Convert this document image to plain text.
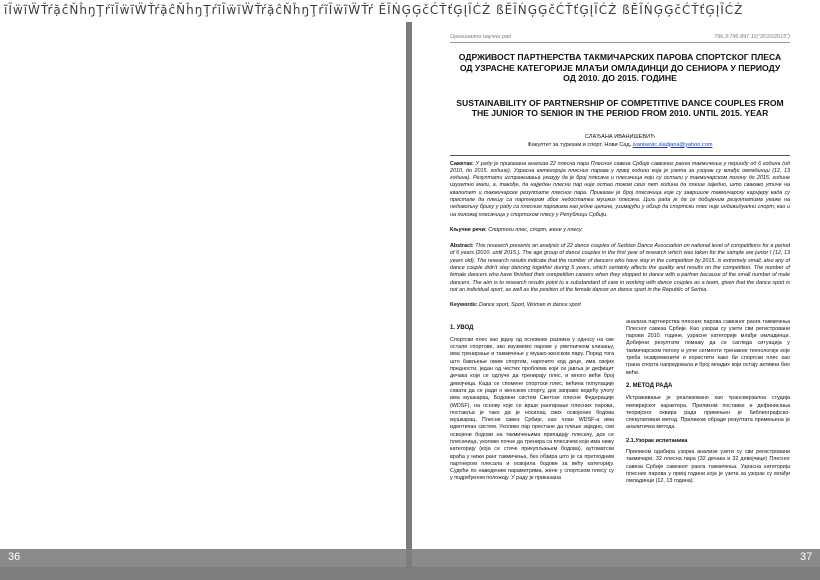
ĩĨẅĩẄŤŕặĉŇĥŋŢŕĩĨẅĩẄŤŕặĉŇĥŋŢŕĩĨẅĩẄŤŕặĉŇĥŋŢŕĩĨẅĩẄŤŕ ĔĨŃĢĢčĆŤťĢĮĨĆŹ ßĔĨŃĢĢčĆŤťĢĮĨĆŹ ßĔĨŃĢĢčĆŤťĢĮĨĆŹ
36	37
Оригинални научни рад	796.3:796.897.11("2010/2015")
ОДРЖИВОСТ ПАРТНЕРСТВА ТАКМИЧАРСКИХ ПАРОВА СПОРТСКОГ ПЛЕСА ОД УЗРАСНЕ КАТЕГОРИЈЕ МЛАЂИ ОМЛАДИНЦИ ДО СЕНИОРА У ПЕРИОДУ ОД 2010. ДО 2015. ГОДИНЕ
SUSTAINABILITY OF PARTNERSHIP OF COMPETITIVE DANCE COUPLES FROM THE JUNIOR TO SENIOR IN THE PERIOD FROM 2010. UNTIL 2015. YEAR
СЛАЂАНА ИВАНИШЕВИЋ
Факултет за туризам и спорт, Нови Сад, ivanisevic.sladjana@yahoo.com
Сажетак: У раду је приказана анализа 22 плесна пара Плесног савеза Србије савезног ранга такмичења у периоду од 6 година (од 2010. до 2015. године). Узрасна категорија плесних парова у првој години која је узета за узорак су млађи омладинци (12, 13 година). Резултати истраживања указују да је број плесача и плесачица који су остали у такмичарском погону до 2015. године изузетно мали, а, такође, да најједан плесни пар није остао током свих пет година да плеше заједно, што свакако утиче на квалитет и такмичарске резултате плесног пара. Приказан је број плесачица које су завршиле такмичарску каријеру када су престале да плешу са партнером због недостатка мушких плесача. Циљ рада је да се добијеним резултатима укаже на недовољну бригу у раду са плесним паровима као једне целине, узимајући у обзир да спортски плес није индивидуални спорт, као и на положај плесачица у спортском плесу у Републици Србији.
Кључне речи: Спортски плес, спорт, жене у плесу
Abstract: This research presents an analysis of 22 dance couples of Serbian Dance Association on national level of competitions for a period of 6 years (2010. until 2015.). The age group of dance couples in the first year of research which was taken for the sample are junior I (12, 13 years old). The research results indicate that the number of dancers who have stay in the competition by 2015. is extremely small, also any of dance couple didn't stay dancing together during 5 years, which certainly affects the quality and results on the competition. The number of female dancers who have finished their competition careers when they stopped to dance with a partner because of the small number of male dancers. The aim is to research results point to a substandard of care in working with dance couples as a team, given that the dance sport is not an individual sport, as well as the position of the female dancer on dance sport in the Republic of Serbia.
Keywords: Dance sport, Sport, Woman in dance sport
1. УВОД
Спортски плес као једну од основних разлика у односу на све остале спортове, ако изузмемо парове у уметничком клизању, има тренирање и такмичење у мушко-женском пару. Поред тога што бављење овим спортом, нарочито код деце, има својих предности, један од честих проблема који се јавља је дефицит дечака који се одлуче да тренирају плес, и много већи број девојчица. Када се спомене спортски плес, већина популације схвата да се ради о женском спорту, док заправо водећу улогу има мушкарац. Бодовни систем Светске плесне Федерације (WDSF), на основу које се врши рангирање плесних парова, поставља је тако да је носилац свих освојених бодова мушкарац. Плесни савез Србије, као члан WDSF-а има идентичан систем. Уколико пар престане да плеше заједно, сви освојени бодови на такмичењима припадају плесачу, док се плесачица, уколико почне да тренира са плесачем који има нижу категорију (која се стиче прикупљањем бодова), аутоматски враћа у нижи ранг такмичења, без обзира што је са претходним партнером плесала и освојила бодове за већу категорију. Судећи по наведеним параметрима, жене у спортском плесу су у подређеном положају. У раду је приказана
анализа партнерства плесних парова савезног ранга такмичења Плесног савеза Србије. Као узорак су узети сви регистровани парови 2010. године, узрасне категорије млађи омладинци. Добијени резултати помажу да се сагледа ситуација у такмичарском погону и уоче сегменти тренажне технологије које треба осавременити и користити како би спортски плес као грана спорта напредовала и број младих који остају активни био већи.
2. МЕТОД РАДА
Истраживање је реализовано као трансверзална студија емпиријског карактера. Приликом поставке и дефинисања теоријског оквира рада примењен је библиографско-спекулативни метод. Приликом обраде резултата примењена је аналитичка метода.
2.1.Узорак испитаника
Приликом одабира узорка анализе узети су сви регистровани такмичари, 32 плесна пара (32 дечака и 32 девојчице) Плесног савеза Србије савезног ранга такмичења. Узрасна категорија плесних парова у првој години која је узета за узорак су млађи омладинци (12, 13 година).
